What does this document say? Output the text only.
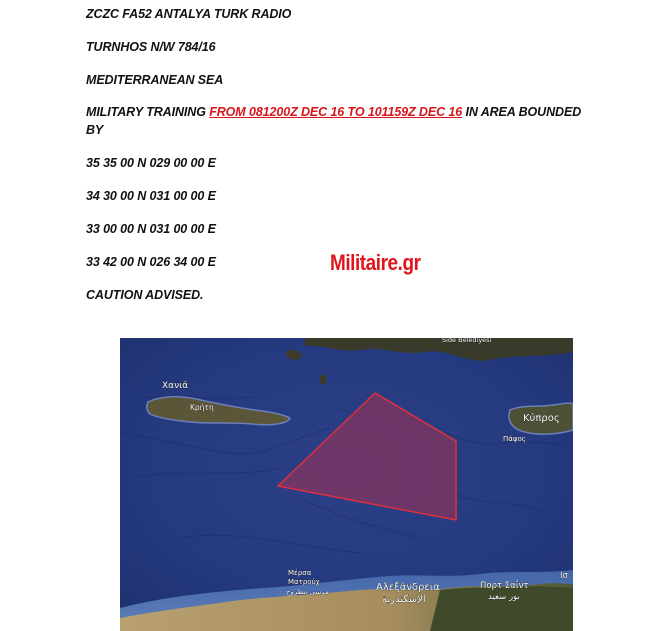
ZCZC FA52 ANTALYA TURK RADIO
TURNHOS N/W 784/16
MEDITERRANEAN SEA
MILITARY TRAINING FROM 081200Z DEC 16 TO 101159Z DEC 16 IN AREA BOUNDED
BY
35 35 00 N 029 00 00 E
34 30 00 N 031 00 00 E
33 00 00 N 031 00 00 E
33 42 00 N 026 34 00 E
CAUTION ADVISED.
Militaire.gr
Χανιά
Κρήτη
Side Belediyesi
Κύπρος
Πάφος
Μέρσα
Ματρούχ
مرسى مطروح	Αλεξάνδρεια
الإسكندرية
Πορτ Σαΐντ
بور سعيد
Ισ
